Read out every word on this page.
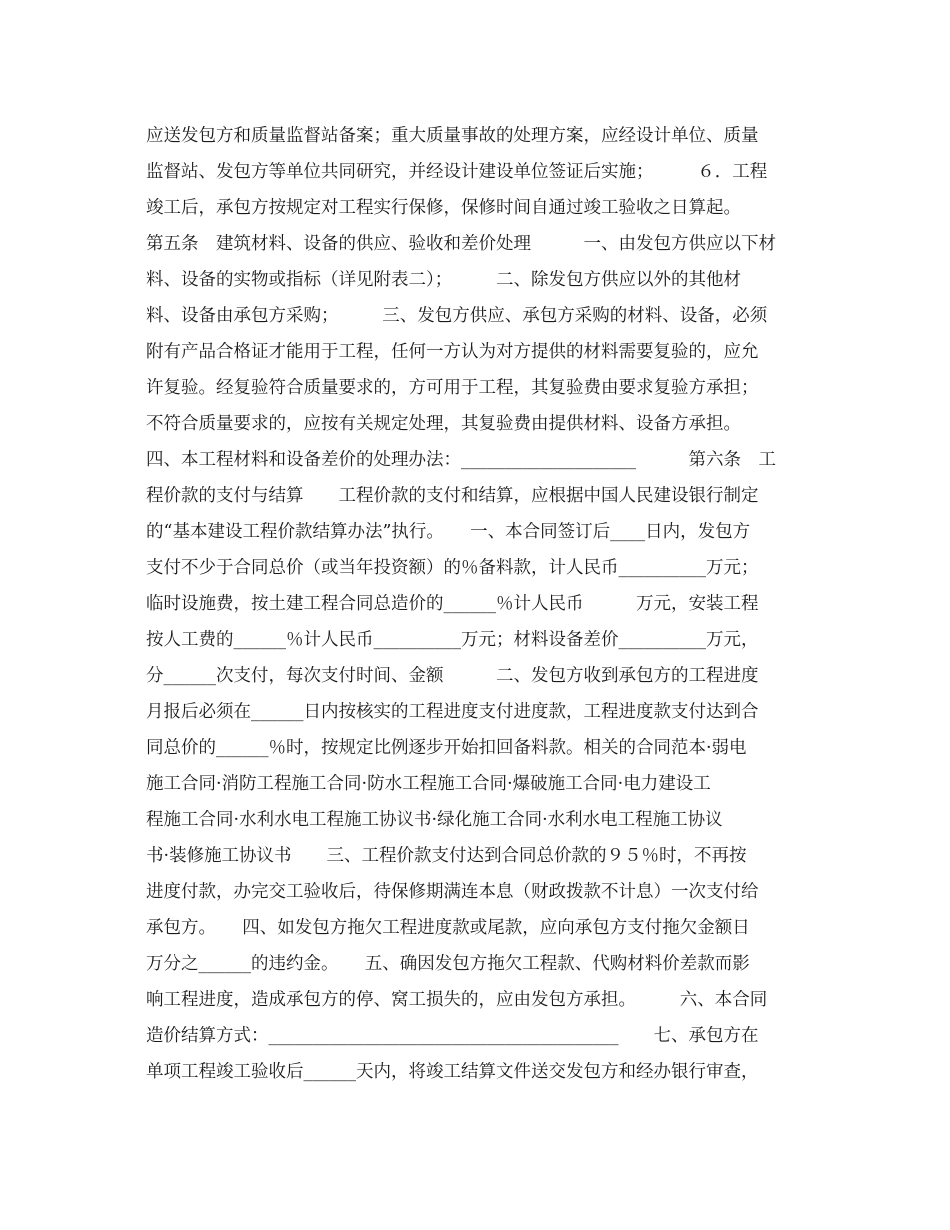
应送发包方和质量监督站备案；重大质量事故的处理方案，应经设计单位、质量
监督站、发包方等单位共同研究，并经设计建设单位签证后实施；　　　６．工程
竣工后，承包方按规定对工程实行保修，保修时间自通过竣工验收之日算起。
第五条　建筑材料、设备的供应、验收和差价处理　　　一、由发包方供应以下材
料、设备的实物或指标（详见附表二）；　　　二、除发包方供应以外的其他材
料、设备由承包方采购；　　　三、发包方供应、承包方采购的材料、设备，必须
附有产品合格证才能用于工程，任何一方认为对方提供的材料需要复验的，应允
许复验。经复验符合质量要求的，方可用于工程，其复验费由要求复验方承担；
不符合质量要求的，应按有关规定处理，其复验费由提供材料、设备方承担。
四、本工程材料和设备差价的处理办法：____________________　　　第六条　工
程价款的支付与结算　　工程价款的支付和结算，应根据中国人民建设银行制定
的“基本建设工程价款结算办法”执行。　　一、本合同签订后____日内，发包方
支付不少于合同总价（或当年投资额）的％备料款，计人民币__________万元；
临时设施费，按土建工程合同总造价的______％计人民币　　　万元，安装工程
按人工费的______％计人民币__________万元；材料设备差价__________万元，
分______次支付，每次支付时间、金额　　　二、发包方收到承包方的工程进度
月报后必须在______日内按核实的工程进度支付进度款，工程进度款支付达到合
同总价的______％时，按规定比例逐步开始扣回备料款。相关的合同范本·弱电
施工合同·消防工程施工合同·防水工程施工合同·爆破施工合同·电力建设工
程施工合同·水利水电工程施工协议书·绿化施工合同·水利水电工程施工协议
书·装修施工协议书　　三、工程价款支付达到合同总价款的９５％时，不再按
进度付款，办完交工验收后，待保修期满连本息（财政拨款不计息）一次支付给
承包方。　　四、如发包方拖欠工程进度款或尾款，应向承包方支付拖欠金额日
万分之______的违约金。　　五、确因发包方拖欠工程款、代购材料价差款而影
响工程进度，造成承包方的停、窝工损失的，应由发包方承担。　　　六、本合同
造价结算方式：________________________________________　　七、承包方在
单项工程竣工验收后______天内，将竣工结算文件送交发包方和经办银行审查，
